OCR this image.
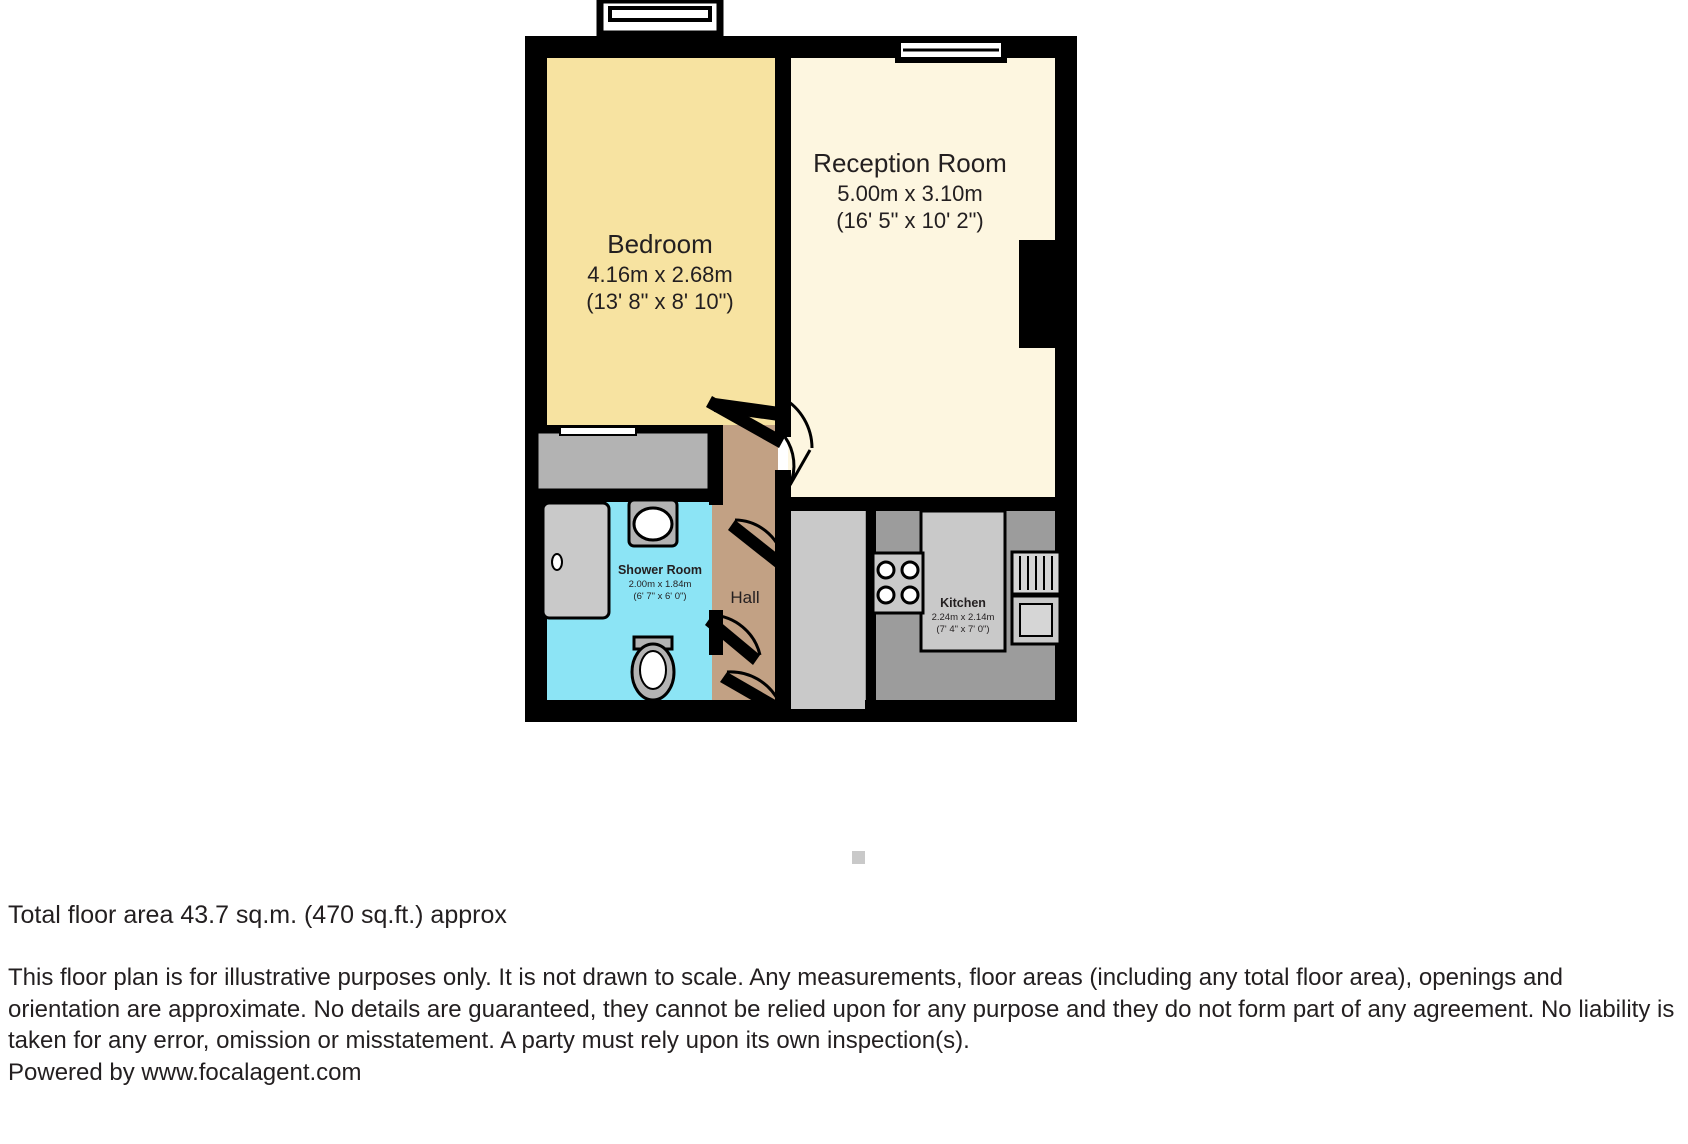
Bedroom
4.16m x 2.68m
(13' 8" x 8' 10")
Reception Room
5.00m x 3.10m
(16' 5" x 10' 2")
Shower Room
2.00m x 1.84m
(6' 7" x 6' 0")	Kitchen
2.24m x 2.14m
(7' 4" x 7' 0")
Hall

Total floor area 43.7 sq.m. (470 sq.ft.) approx

This floor plan is for illustrative purposes only. It is not drawn to scale. Any measurements, floor areas (including any total floor area), openings and orientation are approximate. No details are guaranteed, they cannot be relied upon for any purpose and they do not form part of any agreement. No liability is taken for any error, omission or misstatement. A party must rely upon its own inspection(s).

Powered by www.focalagent.com
